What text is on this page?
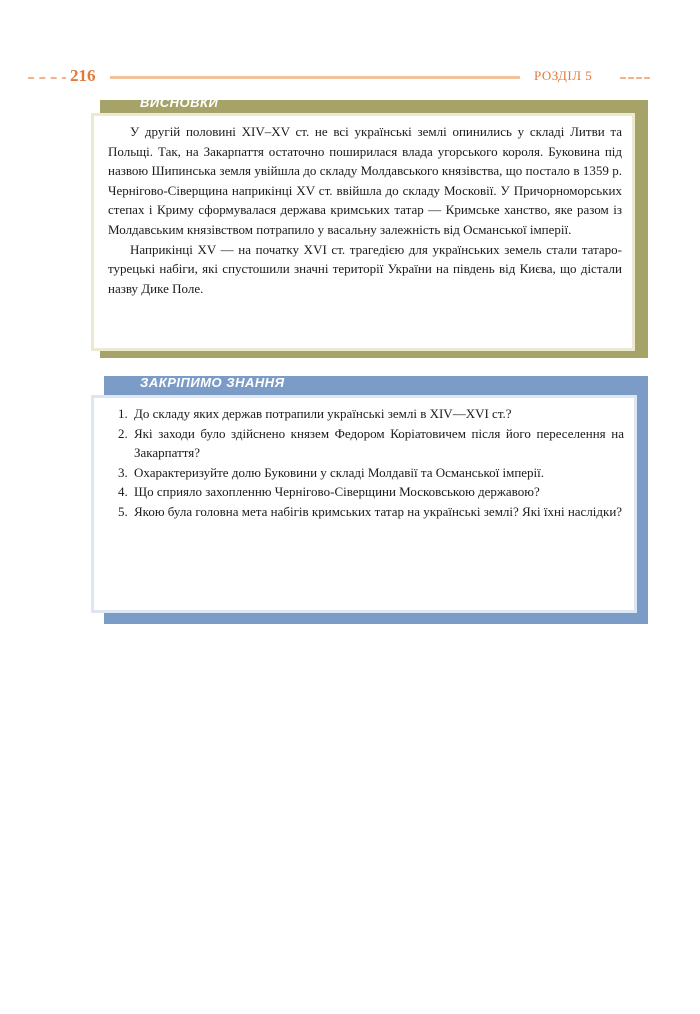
216	РОЗДІЛ 5
ВИСНОВКИ

У другій половині XIV–XV ст. не всі українські землі опинились у складі Литви та Польщі. Так, на Закарпаття остаточно поширилася влада угорського короля. Буковина під назвою Шипинська земля увійшла до складу Молдавського князівства, що постало в 1359 р. Чернігово-Сіверщина наприкінці XV ст. ввійшла до складу Московії. У Причорноморських степах і Криму сформувалася держава кримських татар — Кримське ханство, яке разом із Молдавським князівством потрапило у васальну залежність від Османської імперії.

Наприкінці XV — на початку XVI ст. трагедією для українських земель стали татаро-турецькі набіги, які спустошили значні території України на південь від Києва, що дістали назву Дике Поле.

ЗАКРІПИМО ЗНАННЯ
1. До складу яких держав потрапили українські землі в XIV—XVI ст.?
2. Які заходи було здійснено князем Федором Коріатовичем після його переселення на Закарпаття?
3. Охарактеризуйте долю Буковини у складі Молдавії та Османської імперії.
4. Що сприяло захопленню Чернігово-Сіверщини Московською державою?
5. Якою була головна мета набігів кримських татар на українські землі? Які їхні наслідки?
